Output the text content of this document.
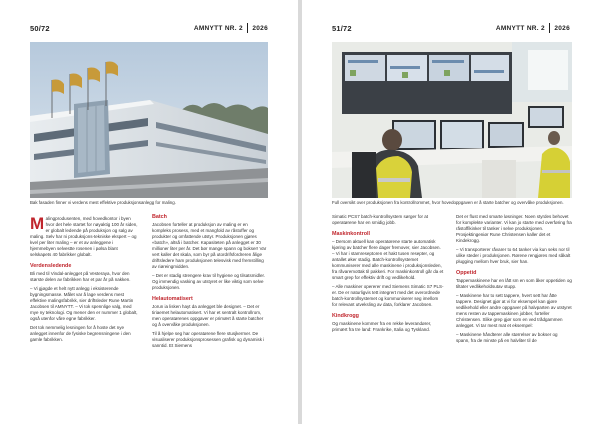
50/72	AMNYTT NR. 2 2026
Bak fasaden finner vi verdens mest effektive produksjonsanlegg for maling.

Malingprodusenten, med hovedkontor i byen hvor det hele startet for nøyaktig 100 år siden, er globalt ledende på produksjon og salg av maling. Selv har ni produksjons-tekniske ekspert – og kvel per liter maling – er et av anleggene i hjemmebyen selvestte rosenen i pølsa blant selskapets 40 fabrikker globalt.

Verdensledende

Bli med til Vindal-anlegget på Vesteraya, hvor den største delen av fabrikken har et par år på nakken.

– Vi gjøgde et helt nytt anlegg i eksisterende bygningsmasse. Målet var å lage verdens mest effektive malingsfabrikk, sier driftsleder Rune Martin Jacobsen til AMNYTT. – Vi tok spennlige valg, med mye ny teknologi. Og mener den er nummer 1 globalt, også utenfor våre egne fabrikker.

Det tok nemmelig lesningen for å hoste det nye anlegget innenfor de fysiske begrensningene i den gamle fabrikken.

Batch

Jacobsen forteller at produksjon av maling er en kompleks prosess, med et mangfold av råstoffer og produkter og omfattende utstyr. Produksjonen gjøres «batch», altså i batcher. Kapasiteten på anlegget er 30 millioner liter per år. Det bør mange spann og bokser! Var vert kaller det skala, som byr på utordrifsfordreren ålige driftsledere ham produksjonen telesvisk med fremstilling av riøreingmidden.

– Det er stadig strengere krav til hygiene og tilsatsmidler. Og immendig vasking av utstyret er like viktig som selve produksjonen.

Helautomatisert

Jorun ia lisken hayt da anlegget ble designet. – Det er tiriaemet helautomatisert. Vi har et sentralt kontrollrom, men operatørenes oppgaver er primært å starte batcher og å overvåke produksjonen.

Til å hjelpe seg har operatørene flere stusjkermer. De visualiserer produksjonsprosessen grafisk og dynamisk i sanntid. Et Siemens

51/72	AMNYTT NR. 2 2026
Full oversikt over produksjonen fra kontrollrommet, hvor hovedoppgaven er å starte batcher og overvåke produksjonen.

Simatic PCS7 batch-kontrollsystem sørger for at operatørene har en smidig jobb.

Maskinkontroll

– Dersom aktuell kan operatørene starte automatisk kjøring av batcher flere dager fremover, sier Jacobsen. – Vi har i stamreseptoren et hakt tusen resepter, og antallet øker stadig. Batch-kontrollsystemet kommuniserer med alle maskinene i produksjonsleden, fra råvaremottak til pakkeri. For maskinkontroll går da et smart grep for effektiv drift og vedlikehold.

– Alle maskiner opererer med Siemens Simatic S7 PLS-er. De er naturligvis tett integrert med det overordnede batch-kontrollsystemet og kommuniserer seg imellom for relevant utveksling av data, forklarer Jacobsen.

Kindkrogg

Og maskinene kommer fra en rekke leverandører, primært fra tre land: Frankrike, Italia og Tyskland.

Det er flust med smarte løsninger. Noen styrdes behovet for komplekte varianter. Vi kan jo starte med overføring fra råstoffikinker til tanker i selve produksjonen. Prosjektingeniør Rune Christensen kaller det et Kindekrogg.

– Vi transporterer råvarer to 64 tanker via kun seks nor til ulike steder i produksjonen. Rørene rengjøres med såkalt plugging mellom hver bruk, sier han.

Oppetid

Tappemaskinene har en lått sm en som åker oppetiden og tiltater vedlikeholdsutav stupp.

– Maskinene har to sett tappere, hvert sett har åtte tappere. Designet gjør at vi for eksempel kan gjøre vedlikehold eller andre oppgaver på halvparten av utstyret mens resten av tappemaskinen jobber, forteller Christensen. Slike grep gjør som en ved trådgammen anlegget. Vi tar mest mat et eksempel:

– Maskinene håndterer alle størrelser av bokser og spann, fra de minste på en halvliter til de
